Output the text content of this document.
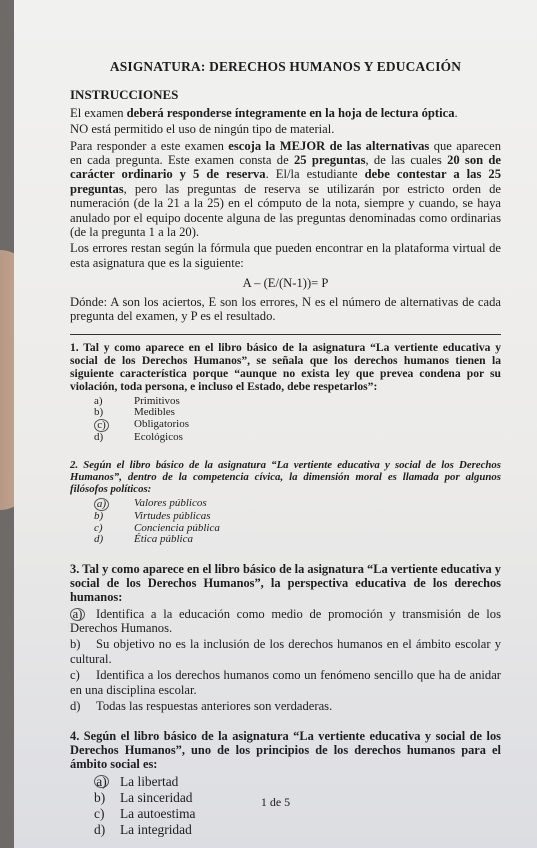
ASIGNATURA: DERECHOS HUMANOS Y EDUCACIÓN
INSTRUCCIONES

El examen deberá responderse íntegramente en la hoja de lectura óptica.

NO está permitido el uso de ningún tipo de material.

Para responder a este examen escoja la MEJOR de las alternativas que aparecen en cada pregunta. Este examen consta de 25 preguntas, de las cuales 20 son de carácter ordinario y 5 de reserva. El/la estudiante debe contestar a las 25 preguntas, pero las preguntas de reserva se utilizarán por estricto orden de numeración (de la 21 a la 25) en el cómputo de la nota, siempre y cuando, se haya anulado por el equipo docente alguna de las preguntas denominadas como ordinarias (de la pregunta 1 a la 20).

Los errores restan según la fórmula que pueden encontrar en la plataforma virtual de esta asignatura que es la siguiente:

A – (E/(N-1))= P

Dónde: A son los aciertos, E son los errores, N es el número de alternativas de cada pregunta del examen, y P es el resultado.

1. Tal y como aparece en el libro básico de la asignatura “La vertiente educativa y social de los Derechos Humanos”, se señala que los derechos humanos tienen la siguiente característica porque “aunque no exista ley que prevea condena por su violación, toda persona, e incluso el Estado, debe respetarlos”:

a)	Primitivos
b)	Medibles
c)	Obligatorios
d)	Ecológicos

2. Según el libro básico de la asignatura “La vertiente educativa y social de los Derechos Humanos”, dentro de la competencia cívica, la dimensión moral es llamada por algunos filósofos políticos:

a)	Valores públicos
b)	Virtudes públicas
c)	Conciencia pública
d)	Ética pública

3. Tal y como aparece en el libro básico de la asignatura “La vertiente educativa y social de los Derechos Humanos”, la perspectiva educativa de los derechos humanos:

a) Identifica a la educación como medio de promoción y transmisión de los Derechos Humanos.

b) Su objetivo no es la inclusión de los derechos humanos en el ámbito escolar y cultural.

c) Identifica a los derechos humanos como un fenómeno sencillo que ha de anidar en una disciplina escolar.

d) Todas las respuestas anteriores son verdaderas.

4. Según el libro básico de la asignatura “La vertiente educativa y social de los Derechos Humanos”, uno de los principios de los derechos humanos para el ámbito social es:

a) La libertad
b)	La sinceridad
c)	La autoestima
d)	La integridad
1 de 5
